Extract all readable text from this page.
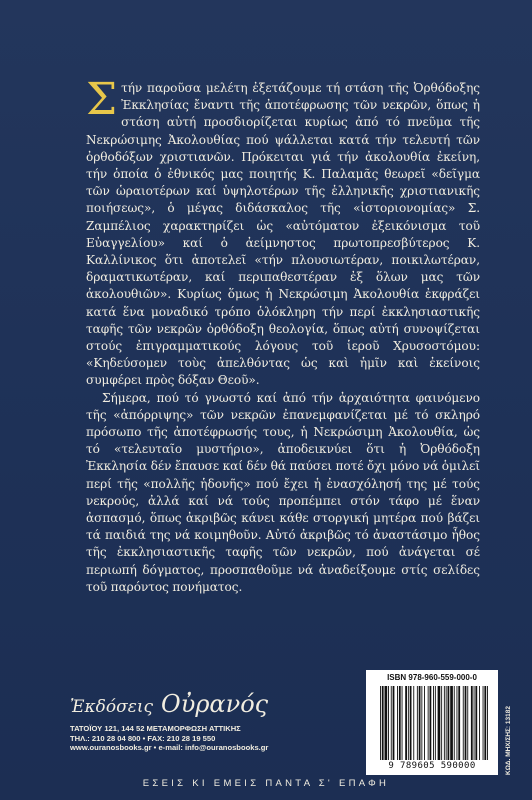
Στήν παροῦσα μελέτη ἐξετάζουμε τή στάση τῆς Ὀρθόδοξης Ἐκκλησίας ἔναντι τῆς ἀποτέφρωσης τῶν νεκρῶν, ὅπως ἡ στάση αὐτή προσδιορίζεται κυρίως ἀπό τό πνεῦμα τῆς Νεκρώσιμης Ἀκολουθίας πού ψάλλεται κατά τήν τελευτή τῶν ὀρθοδόξων χριστιανῶν. Πρόκειται γιά τήν ἀκολουθία ἐκείνη, τήν ὁποία ὁ ἐθνικός μας ποιητής Κ. Παλαμᾶς θεωρεῖ «δεῖγμα τῶν ὡραιοτέρων καί ὑψηλοτέρων τῆς ἑλληνικῆς χριστιανικῆς ποιήσεως», ὁ μέγας διδάσκαλος τῆς «ἱστοριονομίας» Σ. Ζαμπέλιος χαρακτηρίζει ὡς «αὐτόματον ἐξεικόνισμα τοῦ Εὐαγγελίου» καί ὁ ἀείμνηστος πρωτοπρεσβύτερος Κ. Καλλίνικος ὅτι ἀποτελεῖ «τήν πλουσιωτέραν, ποικιλωτέραν, δραματικωτέραν, καί περιπαθεστέραν ἐξ ὅλων μας τῶν ἀκολουθιῶν». Κυρίως ὅμως ἡ Νεκρώσιμη Ἀκολουθία ἐκφράζει κατά ἕνα μοναδικό τρόπο ὁλόκληρη τήν περί ἐκκλησιαστικῆς ταφῆς τῶν νεκρῶν ὀρθόδοξη θεολογία, ὅπως αὐτή συνοψίζεται στούς ἐπιγραμματικούς λόγους τοῦ ἱεροῦ Χρυσοστόμου: «Κηδεύσομεν τοὺς ἀπελθόντας ὡς καὶ ἡμῖν καὶ ἐκείνοις συμφέρει πρὸς δόξαν Θεοῦ».

Σήμερα, πού τό γνωστό καί ἀπό τήν ἀρχαιότητα φαινόμενο τῆς «ἀπόρριψης» τῶν νεκρῶν ἐπανεμφανίζεται μέ τό σκληρό πρόσωπο τῆς ἀποτέφρωσής τους, ἡ Νεκρώσιμη Ἀκολουθία, ὡς τό «τελευταῖο μυστήριο», ἀποδεικνύει ὅτι ἡ Ὀρθόδοξη Ἐκκλησία δέν ἔπαυσε καί δέν θά παύσει ποτέ ὄχι μόνο νά ὁμιλεῖ περί τῆς «πολλῆς ἡδονῆς» πού ἔχει ἡ ἐνασχόλησή της μέ τούς νεκρούς, ἀλλά καί νά τούς προπέμπει στόν τάφο μέ ἕναν ἀσπασμό, ὅπως ἀκριβῶς κάνει κάθε στοργική μητέρα πού βάζει τά παιδιά της νά κοιμηθοῦν. Αὐτό ἀκριβῶς τό ἀναστάσιμο ἦθος τῆς ἐκκλησιαστικῆς ταφῆς τῶν νεκρῶν, πού ἀνάγεται σέ περιωπή δόγματος, προσπαθοῦμε νά ἀναδείξουμε στίς σελίδες τοῦ παρόντος πονήματος.

Ἐκδόσεις Οὐρανός
ΤΑΤΟΪΟΥ 121, 144 52 ΜΕΤΑΜΟΡΦΩΣΗ ΑΤΤΙΚΗΣ
ΤΗΛ.: 210 28 04 800 • FAX: 210 28 19 550
www.ouranosbooks.gr • e-mail: info@ouranosbooks.gr
ISBN 978-960-559-000-0
9 789605 590000	ΚΩΔ. ΜΗΧ/ΣΗΣ: 13182
ΕΣΕΙΣ ΚΙ ΕΜΕΙΣ ΠΑΝΤΑ Σ' ΕΠΑΦΗ
